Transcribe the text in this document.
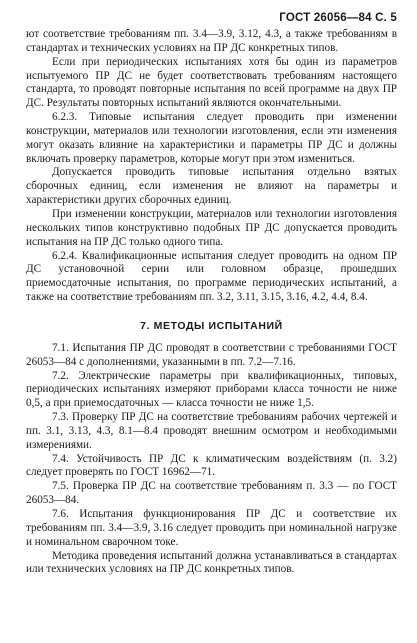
ГОСТ 26056—84 С. 5

ют соответствие требованиям пп. 3.4—3.9, 3.12, 4.3, а также требованиям в стандартах и технических условиях на ПР ДС конкретных типов.

Если при периодических испытаниях хотя бы один из параметров испытуемого ПР ДС не будет соответствовать требованиям настоящего стандарта, то проводят повторные испытания по всей программе на двух ПР ДС. Результаты повторных испытаний являются окончательными.

6.2.3. Типовые испытания следует проводить при изменении конструкции, материалов или технологии изготовления, если эти изменения могут оказать влияние на характеристики и параметры ПР ДС и должны включать проверку параметров, которые могут при этом измениться.

Допускается проводить типовые испытания отдельно взятых сборочных единиц, если изменения не влияют на параметры и характеристики других сборочных единиц.

При изменении конструкции, материалов или технологии изготовления нескольких типов конструктивно подобных ПР ДС допускается проводить испытания на ПР ДС только одного типа.

6.2.4. Квалификационные испытания следует проводить на одном ПР ДС установочной серии или головном образце, прошедших приемосдаточные испытания, по программе периодических испытаний, а также на соответствие требованиям пп. 3.2, 3.11, 3.15, 3.16, 4.2, 4.4, 8.4.

7. МЕТОДЫ ИСПЫТАНИЙ

7.1. Испытания ПР ДС проводят в соответствии с требованиями ГОСТ 26053—84 с дополнениями, указанными в пп. 7.2—7.16.

7.2. Электрические параметры при квалификационных, типовых, периодических испытаниях измеряют приборами класса точности не ниже 0,5, а при приемосдаточных — класса точности не ниже 1,5.

7.3. Проверку ПР ДС на соответствие требованиям рабочих чертежей и пп. 3.1, 3.13, 4.3, 8.1—8.4 проводят внешним осмотром и необходимыми измерениями.

7.4. Устойчивость ПР ДС к климатическим воздействиям (п. 3.2) следует проверять по ГОСТ 16962—71.

7.5. Проверка ПР ДС на соответствие требованиям п. 3.3 — по ГОСТ 26053—84.

7.6. Испытания функционирования ПР ДС и соответствие их требованиям пп. 3.4—3.9, 3.16 следует проводить при номинальной нагрузке и номинальном сварочном токе.

Методика проведения испытаний должна устанавливаться в стандартах или технических условиях на ПР ДС конкретных типов.
